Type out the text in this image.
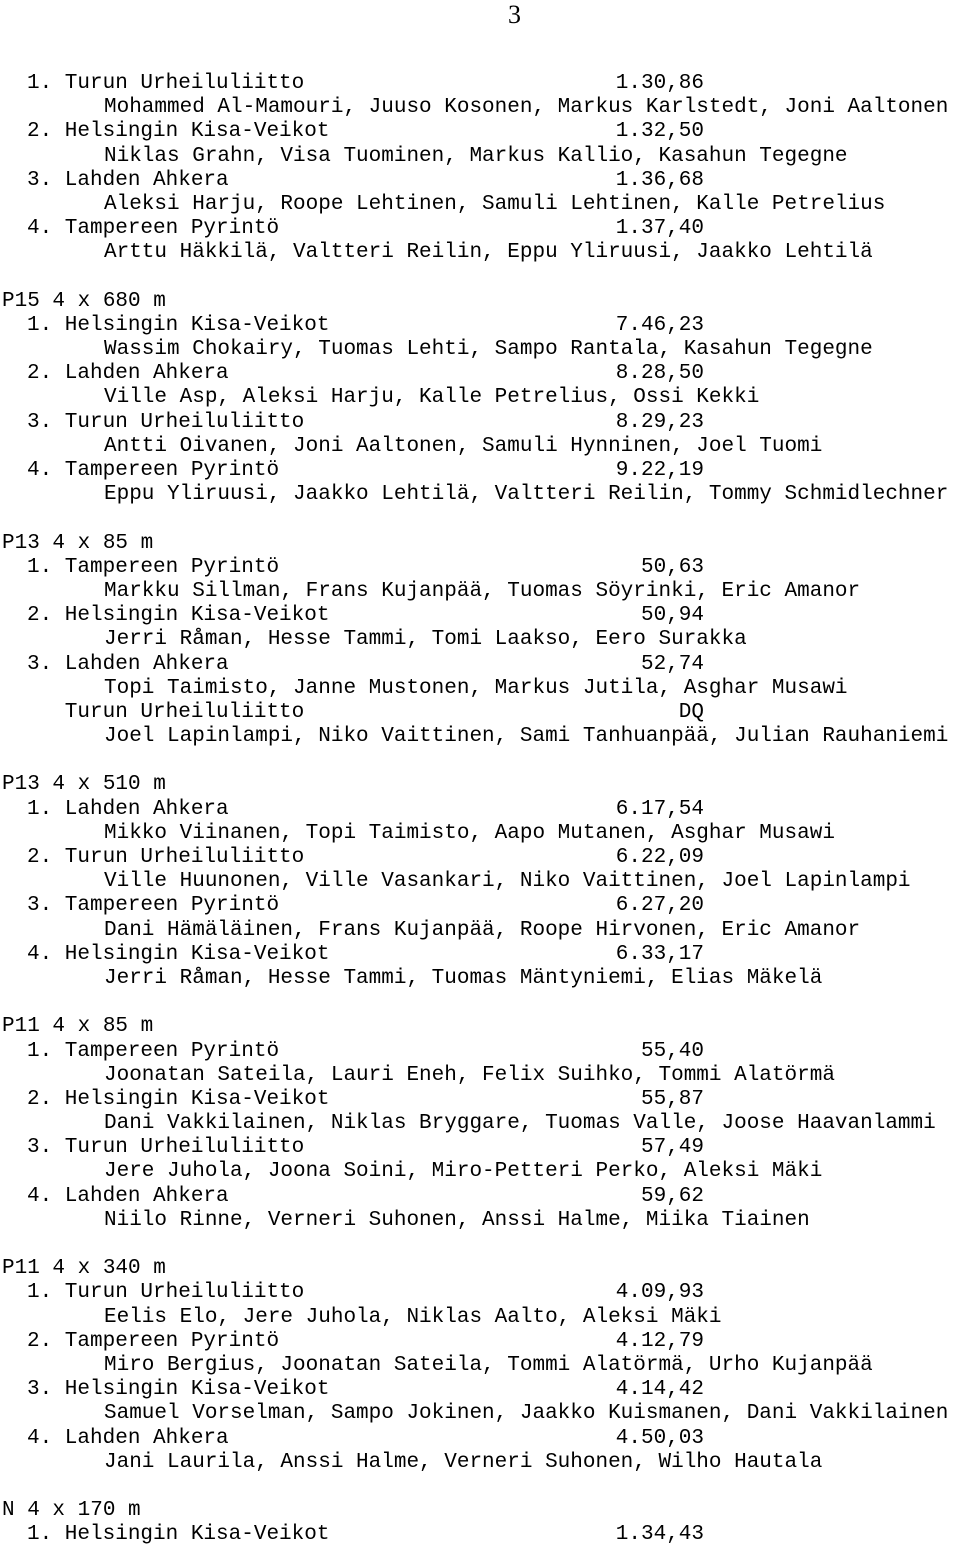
3
1. Turun Urheiluliitto	1.30,86
Mohammed Al-Mamouri, Juuso Kosonen, Markus Karlstedt, Joni Aaltonen
2. Helsingin Kisa-Veikot	1.32,50
Niklas Grahn, Visa Tuominen, Markus Kallio, Kasahun Tegegne
3. Lahden Ahkera	1.36,68
Aleksi Harju, Roope Lehtinen, Samuli Lehtinen, Kalle Petrelius
4. Tampereen Pyrintö	1.37,40
Arttu Häkkilä, Valtteri Reilin, Eppu Yliruusi, Jaakko Lehtilä
P15 4 x 680 m
1. Helsingin Kisa-Veikot	7.46,23
Wassim Chokairy, Tuomas Lehti, Sampo Rantala, Kasahun Tegegne
2. Lahden Ahkera	8.28,50
Ville Asp, Aleksi Harju, Kalle Petrelius, Ossi Kekki
3. Turun Urheiluliitto	8.29,23
Antti Oivanen, Joni Aaltonen, Samuli Hynninen, Joel Tuomi
4. Tampereen Pyrintö	9.22,19
Eppu Yliruusi, Jaakko Lehtilä, Valtteri Reilin, Tommy Schmidlechner
P13 4 x 85 m
1. Tampereen Pyrintö	50,63
Markku Sillman, Frans Kujanpää, Tuomas Söyrinki, Eric Amanor
2. Helsingin Kisa-Veikot	50,94
Jerri Råman, Hesse Tammi, Tomi Laakso, Eero Surakka
3. Lahden Ahkera	52,74
Topi Taimisto, Janne Mustonen, Markus Jutila, Asghar Musawi
Turun Urheiluliitto	DQ
Joel Lapinlampi, Niko Vaittinen, Sami Tanhuanpää, Julian Rauhaniemi
P13 4 x 510 m
1. Lahden Ahkera	6.17,54
Mikko Viinanen, Topi Taimisto, Aapo Mutanen, Asghar Musawi
2. Turun Urheiluliitto	6.22,09
Ville Huunonen, Ville Vasankari, Niko Vaittinen, Joel Lapinlampi
3. Tampereen Pyrintö	6.27,20
Dani Hämäläinen, Frans Kujanpää, Roope Hirvonen, Eric Amanor
4. Helsingin Kisa-Veikot	6.33,17
Jerri Råman, Hesse Tammi, Tuomas Mäntyniemi, Elias Mäkelä
P11 4 x 85 m
1. Tampereen Pyrintö	55,40
Joonatan Sateila, Lauri Eneh, Felix Suihko, Tommi Alatörmä
2. Helsingin Kisa-Veikot	55,87
Dani Vakkilainen, Niklas Bryggare, Tuomas Valle, Joose Haavanlammi
3. Turun Urheiluliitto	57,49
Jere Juhola, Joona Soini, Miro-Petteri Perko, Aleksi Mäki
4. Lahden Ahkera	59,62
Niilo Rinne, Verneri Suhonen, Anssi Halme, Miika Tiainen
P11 4 x 340 m
1. Turun Urheiluliitto	4.09,93
Eelis Elo, Jere Juhola, Niklas Aalto, Aleksi Mäki
2. Tampereen Pyrintö	4.12,79
Miro Bergius, Joonatan Sateila, Tommi Alatörmä, Urho Kujanpää
3. Helsingin Kisa-Veikot	4.14,42
Samuel Vorselman, Sampo Jokinen, Jaakko Kuismanen, Dani Vakkilainen
4. Lahden Ahkera	4.50,03
Jani Laurila, Anssi Halme, Verneri Suhonen, Wilho Hautala
N 4 x 170 m
1. Helsingin Kisa-Veikot	1.34,43
